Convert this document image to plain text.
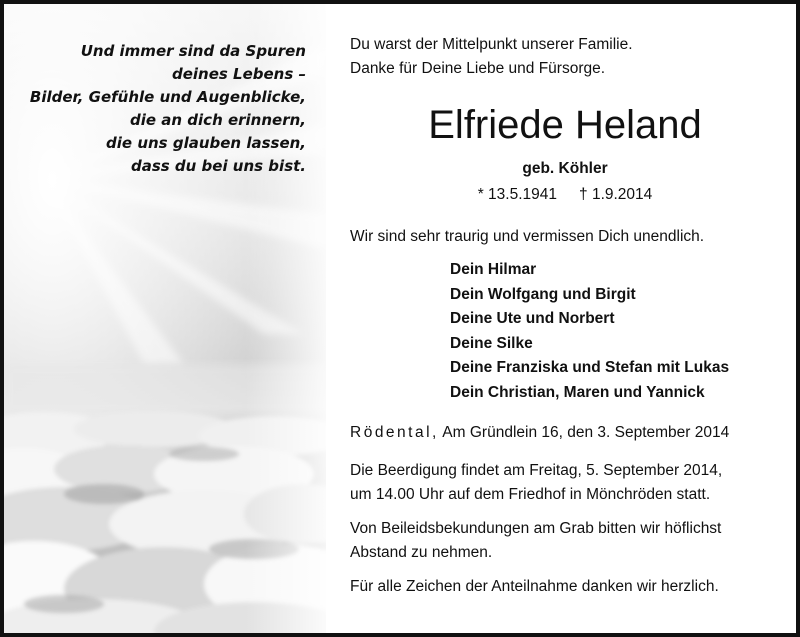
Und immer sind da Spuren
deines Lebens –
Bilder, Gefühle und Augenblicke,
die an dich erinnern,
die uns glauben lassen,
dass du bei uns bist.
Du warst der Mittelpunkt unserer Familie.
Danke für Deine Liebe und Fürsorge.
Elfriede Heland
geb. Köhler
* 13.5.1941 † 1.9.2014
Wir sind sehr traurig und vermissen Dich unendlich.
Dein Hilmar
Dein Wolfgang und Birgit
Deine Ute und Norbert
Deine Silke
Deine Franziska und Stefan mit Lukas
Dein Christian, Maren und Yannick
Rödental, Am Gründlein 16, den 3. September 2014
Die Beerdigung findet am Freitag, 5. September 2014,
um 14.00 Uhr auf dem Friedhof in Mönchröden statt.
Von Beileidsbekundungen am Grab bitten wir höflichst
Abstand zu nehmen.
Für alle Zeichen der Anteilnahme danken wir herzlich.
